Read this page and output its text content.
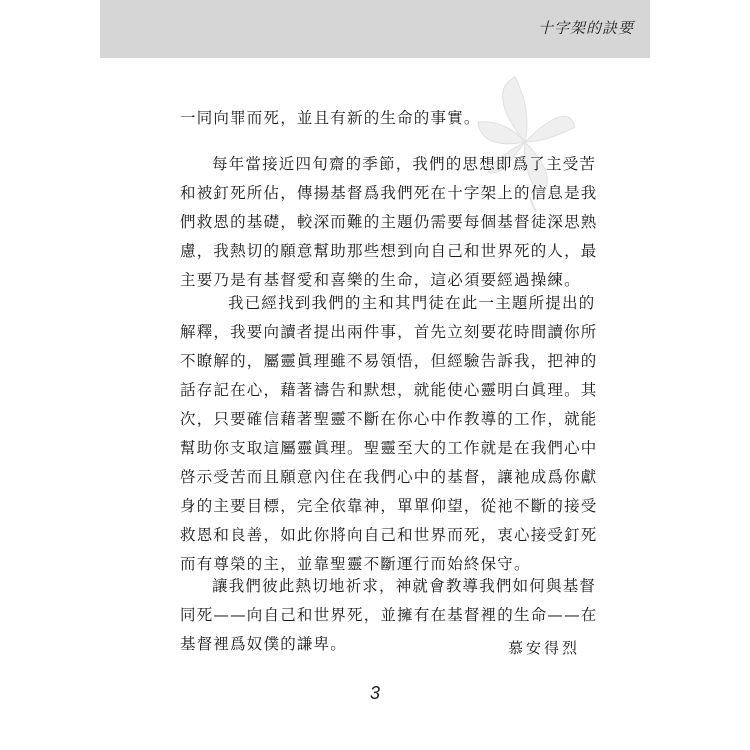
十字架的訣要
一同向罪而死，並且有新的生命的事實。
每年當接近四旬齋的季節，我們的思想即爲了主受苦
和被釘死所佔，傳揚基督爲我們死在十字架上的信息是我
們救恩的基礎，較深而難的主題仍需要每個基督徒深思熟
慮，我熱切的願意幫助那些想到向自己和世界死的人，最
主要乃是有基督愛和喜樂的生命，這必須要經過操練。
我已經找到我們的主和其門徒在此一主題所提出的
解釋，我要向讀者提出兩件事，首先立刻要花時間讀你所
不瞭解的，屬靈眞理雖不易領悟，但經驗告訴我，把神的
話存記在心，藉著禱告和默想，就能使心靈明白眞理。其
次，只要確信藉著聖靈不斷在你心中作教導的工作，就能
幫助你支取這屬靈眞理。聖靈至大的工作就是在我們心中
啓示受苦而且願意內住在我們心中的基督，讓祂成爲你獻
身的主要目標，完全依靠神，單單仰望，從祂不斷的接受
救恩和良善，如此你將向自己和世界而死，衷心接受釘死
而有尊榮的主，並靠聖靈不斷運行而始終保守。
讓我們彼此熱切地祈求，神就會教導我們如何與基督
同死——向自己和世界死，並擁有在基督裡的生命——在
基督裡爲奴僕的謙卑。	慕安得烈
3
